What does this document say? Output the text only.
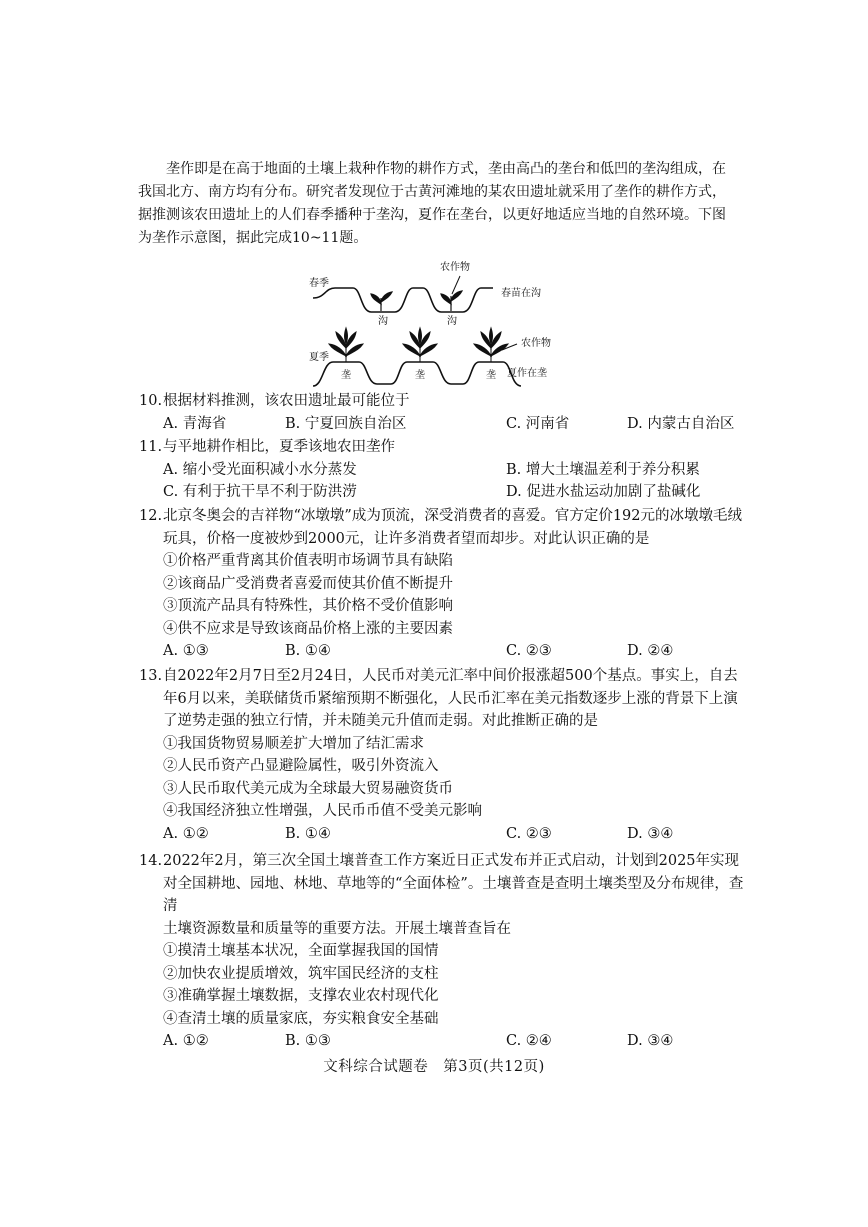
垄作即是在高于地面的土壤上栽种作物的耕作方式，垄由高凸的垄台和低凹的垄沟组成，在我国北方、南方均有分布。研究者发现位于古黄河滩地的某农田遗址就采用了垄作的耕作方式，据推测该农田遗址上的人们春季播种于垄沟，夏作在垄台，以更好地适应当地的自然环境。下图为垄作示意图，据此完成10~11题。

春季
农作物
春苗在沟
沟	沟
夏季
农作物
夏作在垄
垄	垄	垄
10. 根据材料推测，该农田遗址最可能位于
A. 青海省	B. 宁夏回族自治区	C. 河南省	D. 内蒙古自治区
11. 与平地耕作相比，夏季该地农田垄作
A. 缩小受光面积减小水分蒸发	B. 增大土壤温差利于养分积累
C. 有利于抗干旱不利于防洪涝	D. 促进水盐运动加剧了盐碱化
12. 北京冬奥会的吉祥物“冰墩墩”成为顶流，深受消费者的喜爱。官方定价192元的冰墩墩毛绒
玩具，价格一度被炒到2000元，让许多消费者望而却步。对此认识正确的是
①价格严重背离其价值表明市场调节具有缺陷
②该商品广受消费者喜爱而使其价值不断提升
③顶流产品具有特殊性，其价格不受价值影响
④供不应求是导致该商品价格上涨的主要因素
A. ①③	B. ①④	C. ②③	D. ②④
13. 自2022年2月7日至2月24日，人民币对美元汇率中间价报涨超500个基点。事实上，自去
年6月以来，美联储货币紧缩预期不断强化，人民币汇率在美元指数逐步上涨的背景下上演
了逆势走强的独立行情，并未随美元升值而走弱。对此推断正确的是
①我国货物贸易顺差扩大增加了结汇需求
②人民币资产凸显避险属性，吸引外资流入
③人民币取代美元成为全球最大贸易融资货币
④我国经济独立性增强，人民币币值不受美元影响
A. ①②	B. ①④	C. ②③	D. ③④
14. 2022年2月，第三次全国土壤普查工作方案近日正式发布并正式启动，计划到2025年实现
对全国耕地、园地、林地、草地等的“全面体检”。土壤普查是查明土壤类型及分布规律，查清
土壤资源数量和质量等的重要方法。开展土壤普查旨在
①摸清土壤基本状况，全面掌握我国的国情
②加快农业提质增效，筑牢国民经济的支柱
③准确掌握土壤数据，支撑农业农村现代化
④查清土壤的质量家底，夯实粮食安全基础
A. ①②	B. ①③	C. ②④	D. ③④
文科综合试题卷　第3页(共12页)
